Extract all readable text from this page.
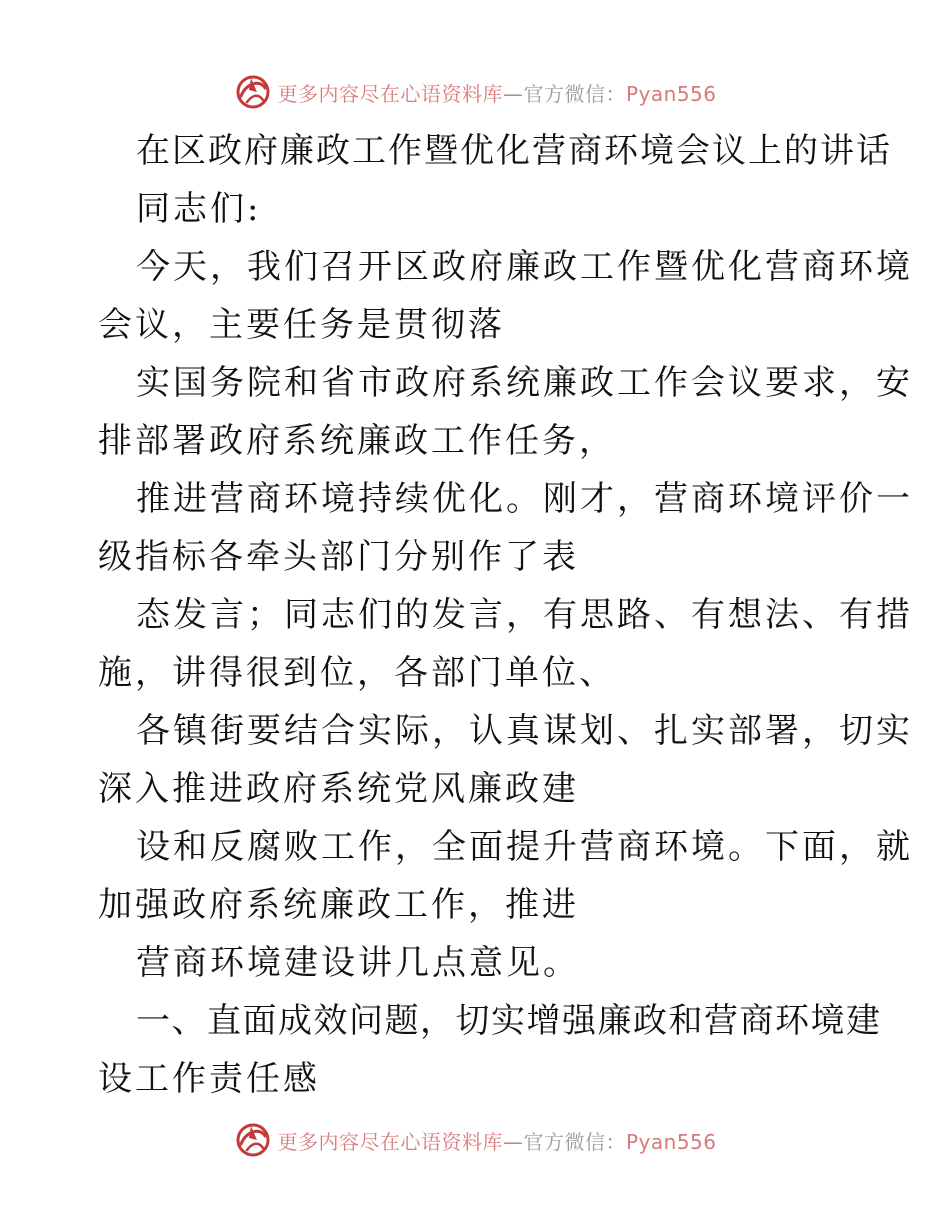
更多内容尽在心语资料库—官方微信：Pyan556
在区政府廉政工作暨优化营商环境会议上的讲话
同志们:
今天，我们召开区政府廉政工作暨优化营商环境
会议，主要任务是贯彻落
实国务院和省市政府系统廉政工作会议要求，安
排部署政府系统廉政工作任务，
推进营商环境持续优化。刚才，营商环境评价一
级指标各牵头部门分别作了表
态发言；同志们的发言，有思路、有想法、有措
施，讲得很到位，各部门单位、
各镇街要结合实际，认真谋划、扎实部署，切实
深入推进政府系统党风廉政建
设和反腐败工作，全面提升营商环境。下面，就
加强政府系统廉政工作，推进
营商环境建设讲几点意见。
一、直面成效问题，切实增强廉政和营商环境建
设工作责任感
更多内容尽在心语资料库—官方微信：Pyan556
